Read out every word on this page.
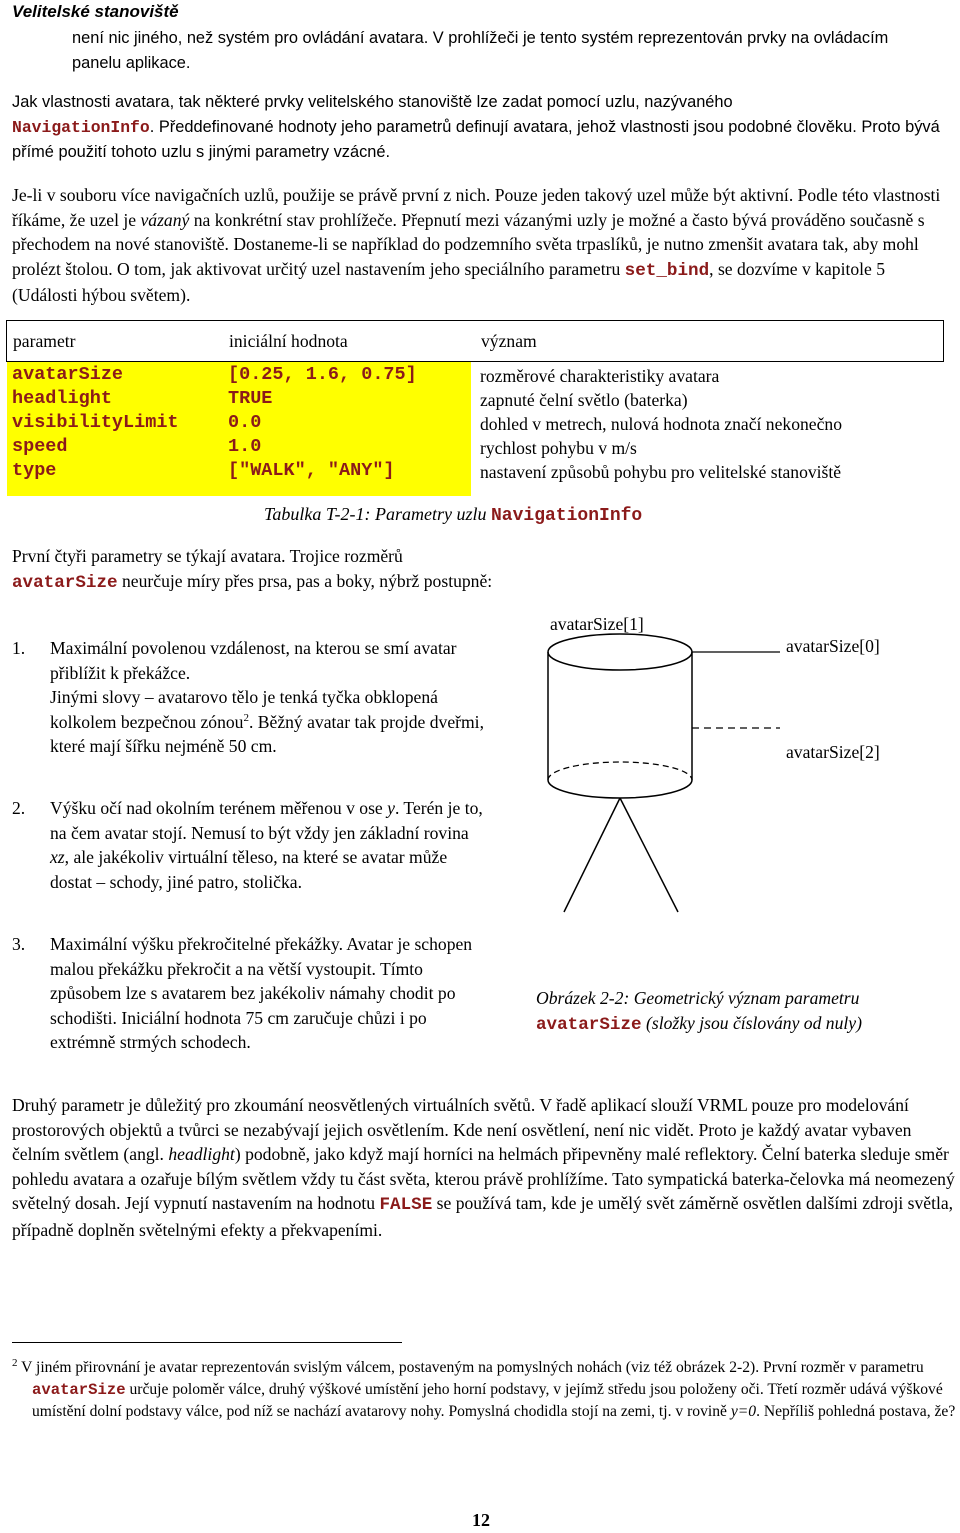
Velitelské stanoviště

není nic jiného, než systém pro ovládání avatara. V prohlížeči je tento systém reprezentován prvky na ovládacím panelu aplikace.

Jak vlastnosti avatara, tak některé prvky velitelského stanoviště lze zadat pomocí uzlu, nazývaného
NavigationInfo. Předdefinované hodnoty jeho parametrů definují avatara, jehož vlastnosti jsou podobné člověku. Proto bývá přímé použití tohoto uzlu s jinými parametry vzácné.

Je-li v souboru více navigačních uzlů, použije se právě první z nich. Pouze jeden takový uzel může být aktivní. Podle této vlastnosti říkáme, že uzel je vázaný na konkrétní stav prohlížeče. Přepnutí mezi vázanými uzly je možné a často bývá prováděno současně s přechodem na nové stanoviště. Dostaneme-li se například do podzemního světa trpaslíků, je nutno zmenšit avatara tak, aby mohl prolézt štolou. O tom, jak aktivovat určitý uzel nastavením jeho speciálního parametru set_bind, se dozvíme v kapitole 5 (Události hýbou světem).

parametr	iniciální hodnota	význam
avatarSize	[0.25, 1.6, 0.75]	rozměrové charakteristiky avatara
headlight	TRUE	zapnuté čelní světlo (baterka)
visibilityLimit	0.0	dohled v metrech, nulová hodnota značí nekonečno
speed	1.0	rychlost pohybu v m/s
type	["WALK", "ANY"]	nastavení způsobů pohybu pro velitelské stanoviště
Tabulka T-2-1: Parametry uzlu NavigationInfo

První čtyři parametry se týkají avatara. Trojice rozměrů
avatarSize neurčuje míry přes prsa, pas a boky, nýbrž postupně:

1. Maximální povolenou vzdálenost, na kterou se smí avatar přiblížit k překážce.
Jinými slovy – avatarovo tělo je tenká tyčka obklopená kolkolem bezpečnou zónou$^2$. Běžný avatar tak projde dveřmi, které mají šířku nejméně 50 cm.

2. Výšku očí nad okolním terénem měřenou v ose y. Terén je to, na čem avatar stojí. Nemusí to být vždy jen základní rovina xz, ale jakékoliv virtuální těleso, na které se avatar může dostat – schody, jiné patro, stolička.

3. Maximální výšku překročitelné překážky. Avatar je schopen malou překážku překročit a na větší vystoupit. Tímto způsobem lze s avatarem bez jakékoliv námahy chodit po schodišti. Iniciální hodnota 75 cm zaručuje chůzi i po extrémně strmých schodech.

avatarSize[1]
avatarSize[0]
avatarSize[2]
Obrázek 2-2: Geometrický význam parametru
avatarSize (složky jsou číslovány od nuly)

Druhý parametr je důležitý pro zkoumání neosvětlených virtuálních světů. V řadě aplikací slouží VRML pouze pro modelování prostorových objektů a tvůrci se nezabývají jejich osvětlením. Kde není osvětlení, není nic vidět. Proto je každý avatar vybaven čelním světlem (angl. headlight) podobně, jako když mají horníci na helmách připevněny malé reflektory. Čelní baterka sleduje směr pohledu avatara a ozařuje bílým světlem vždy tu část světa, kterou právě prohlížíme. Tato sympatická baterka-čelovka má neomezený světelný dosah. Její vypnutí nastavením na hodnotu FALSE se používá tam, kde je umělý svět záměrně osvětlen dalšími zdroji světla, případně doplněn světelnými efekty a překvapeními.

$^2$ V jiném přirovnání je avatar reprezentován svislým válcem, postaveným na pomyslných nohách (viz též obrázek 2-2). První rozměr v parametru avatarSize určuje poloměr válce, druhý výškové umístění jeho horní podstavy, v jejímž středu jsou položeny oči. Třetí rozměr udává výškové umístění dolní podstavy válce, pod níž se nachází avatarovy nohy. Pomyslná chodidla stojí na zemi, tj. v rovině y=0. Nepříliš pohledná postava, že?
12
